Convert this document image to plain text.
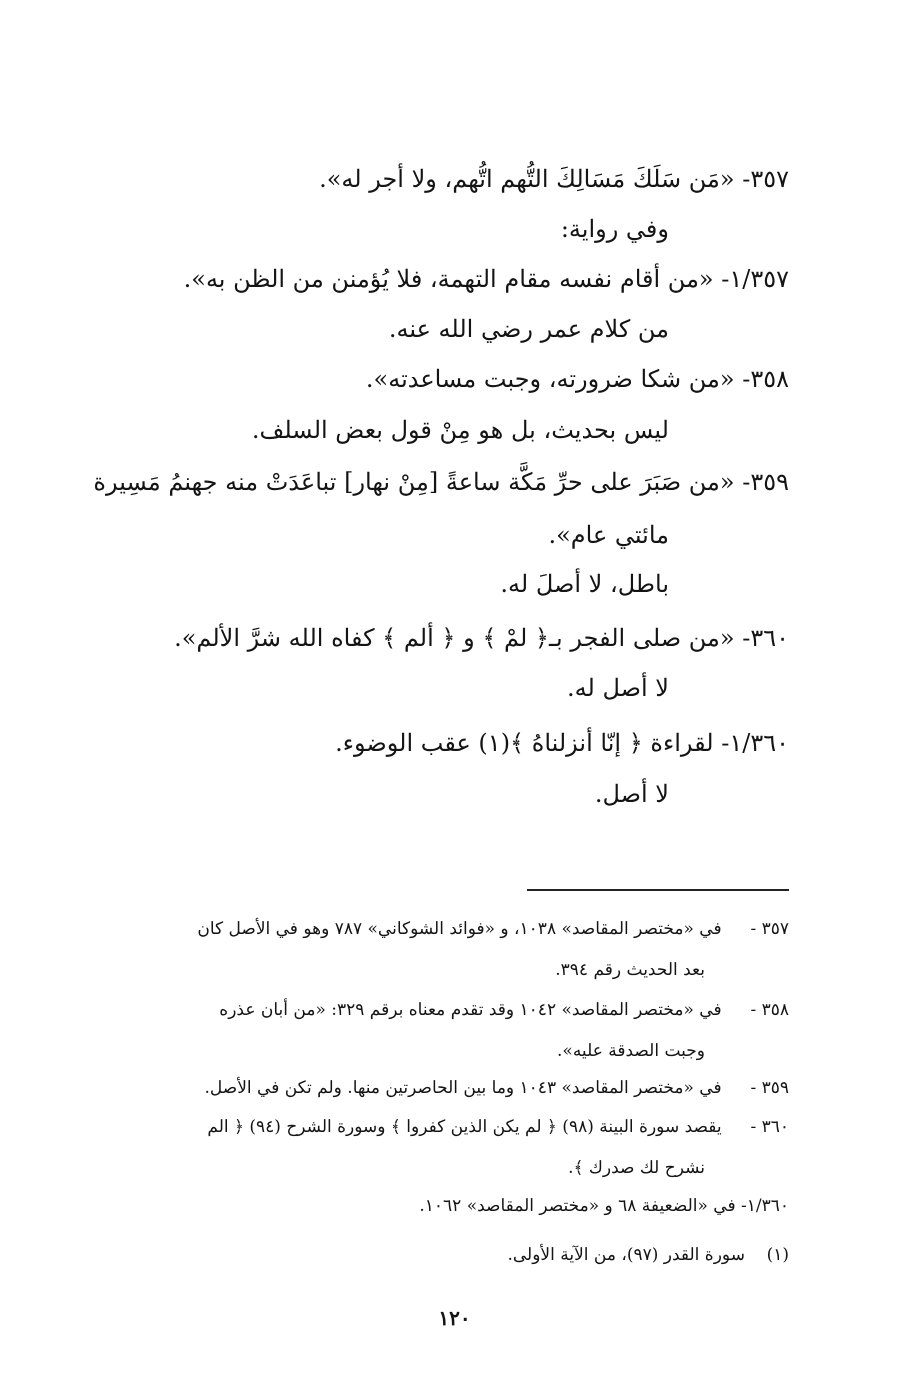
٣٥٧- «مَن سَلَكَ مَسَالِكَ التُّهم اتُّهم، ولا أجر له».
وفي رواية:
١/٣٥٧- «من أقام نفسه مقام التهمة، فلا يُؤمنن من الظن به».
من كلام عمر رضي الله عنه.
٣٥٨- «من شكا ضرورته، وجبت مساعدته».
ليس بحديث، بل هو مِنْ قول بعض السلف.
٣٥٩- «من صَبَرَ على حرِّ مَكَّة ساعةً [مِنْ نهار] تباعَدَتْ منه جهنمُ مَسِيرة
مائتي عام».
باطل، لا أصلَ له.
٣٦٠- «من صلى الفجر بـ﴿ لمْ ﴾ و ﴿ ألم ﴾ كفاه الله شرَّ الألم».
لا أصل له.
١/٣٦٠- لقراءة ﴿ إنّا أنزلناهُ ﴾(١) عقب الوضوء.
لا أصل.
٣٥٧ - في «مختصر المقاصد» ١٠٣٨، و «فوائد الشوكاني» ٧٨٧ وهو في الأصل كان
بعد الحديث رقم ٣٩٤.
٣٥٨ - في «مختصر المقاصد» ١٠٤٢ وقد تقدم معناه برقم ٣٢٩: «من أبان عذره
وجبت الصدقة عليه».
٣٥٩ - في «مختصر المقاصد» ١٠٤٣ وما بين الحاصرتين منها. ولم تكن في الأصل.
٣٦٠ - يقصد سورة البينة (٩٨) ﴿ لم يكن الذين كفروا ﴾ وسورة الشرح (٩٤) ﴿ الم
نشرح لك صدرك ﴾.
١/٣٦٠- في «الضعيفة ٦٨ و «مختصر المقاصد» ١٠٦٢.
(١)    سورة القدر (٩٧)، من الآية الأولى.
١٢٠
